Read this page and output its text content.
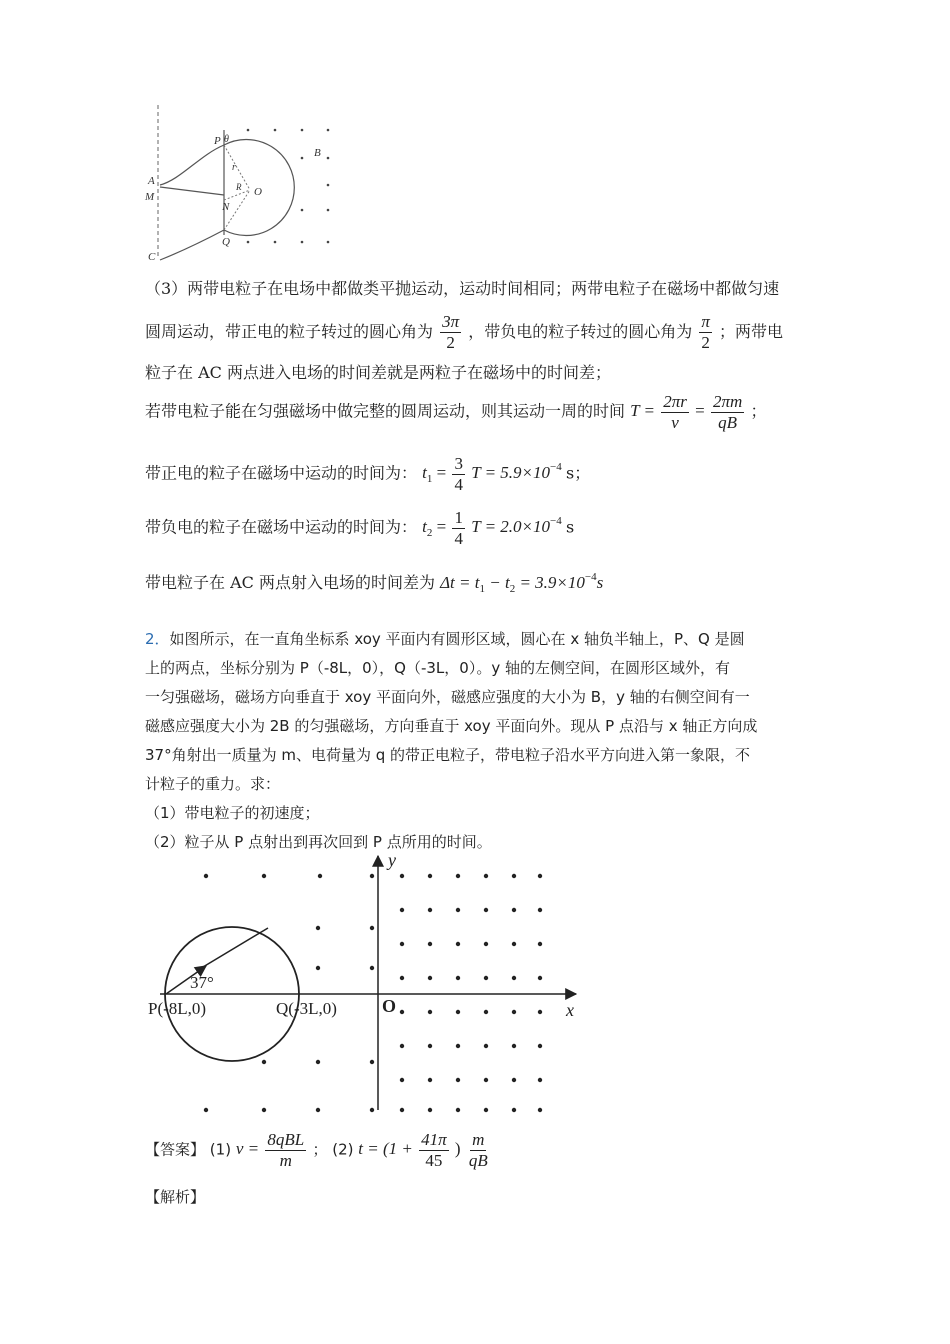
P θ
B
A
M
r
R O
N
Q
C
（3）两带电粒子在电场中都做类平抛运动，运动时间相同；两带电粒子在磁场中都做匀速
圆周运动，带正电的粒子转过的圆心角为 $\frac{3\pi}{2}$ ，带负电的粒子转过的圆心角为 $\frac{\pi}{2}$ ；两带电
粒子在 AC 两点进入电场的时间差就是两粒子在磁场中的时间差；
若带电粒子能在匀强磁场中做完整的圆周运动，则其运动一周的时间 $T = \frac{2\pi r}{v} = \frac{2\pi m}{qB}$ ；
带正电的粒子在磁场中运动的时间为： $t_1 = \frac{3}{4}$ $T = 5.9\times 10^{-4}$ s；
带负电的粒子在磁场中运动的时间为： $t_2 = \frac{1}{4}$ $T = 2.0\times 10^{-4}$ s
带电粒子在 AC 两点射入电场的时间差为 $\Delta t = t_1 - t_2 = 3.9\times 10^{-4}s$
2．如图所示，在一直角坐标系 xoy 平面内有圆形区域，圆心在 x 轴负半轴上，P、Q 是圆
上的两点，坐标分别为 P（-8L，0），Q（-3L，0）。y 轴的左侧空间，在圆形区域外，有
一匀强磁场，磁场方向垂直于 xoy 平面向外，磁感应强度的大小为 B，y 轴的右侧空间有一
磁感应强度大小为 2B 的匀强磁场，方向垂直于 xoy 平面向外。现从 P 点沿与 x 轴正方向成
37°角射出一质量为 m、电荷量为 q 的带正电粒子，带电粒子沿水平方向进入第一象限，不
计粒子的重力。求：
（1）带电粒子的初速度；
（2）粒子从 P 点射出到再次回到 P 点所用的时间。
y
x
O
P(-8L,0)	Q(-3L,0)
37°
【答案】 (1) $v = \frac{\text{8qBL}}{m}$ ； (2) $t = (1 + \frac{41\pi}{45}$ ) $\frac{m}{qB}$
【解析】
